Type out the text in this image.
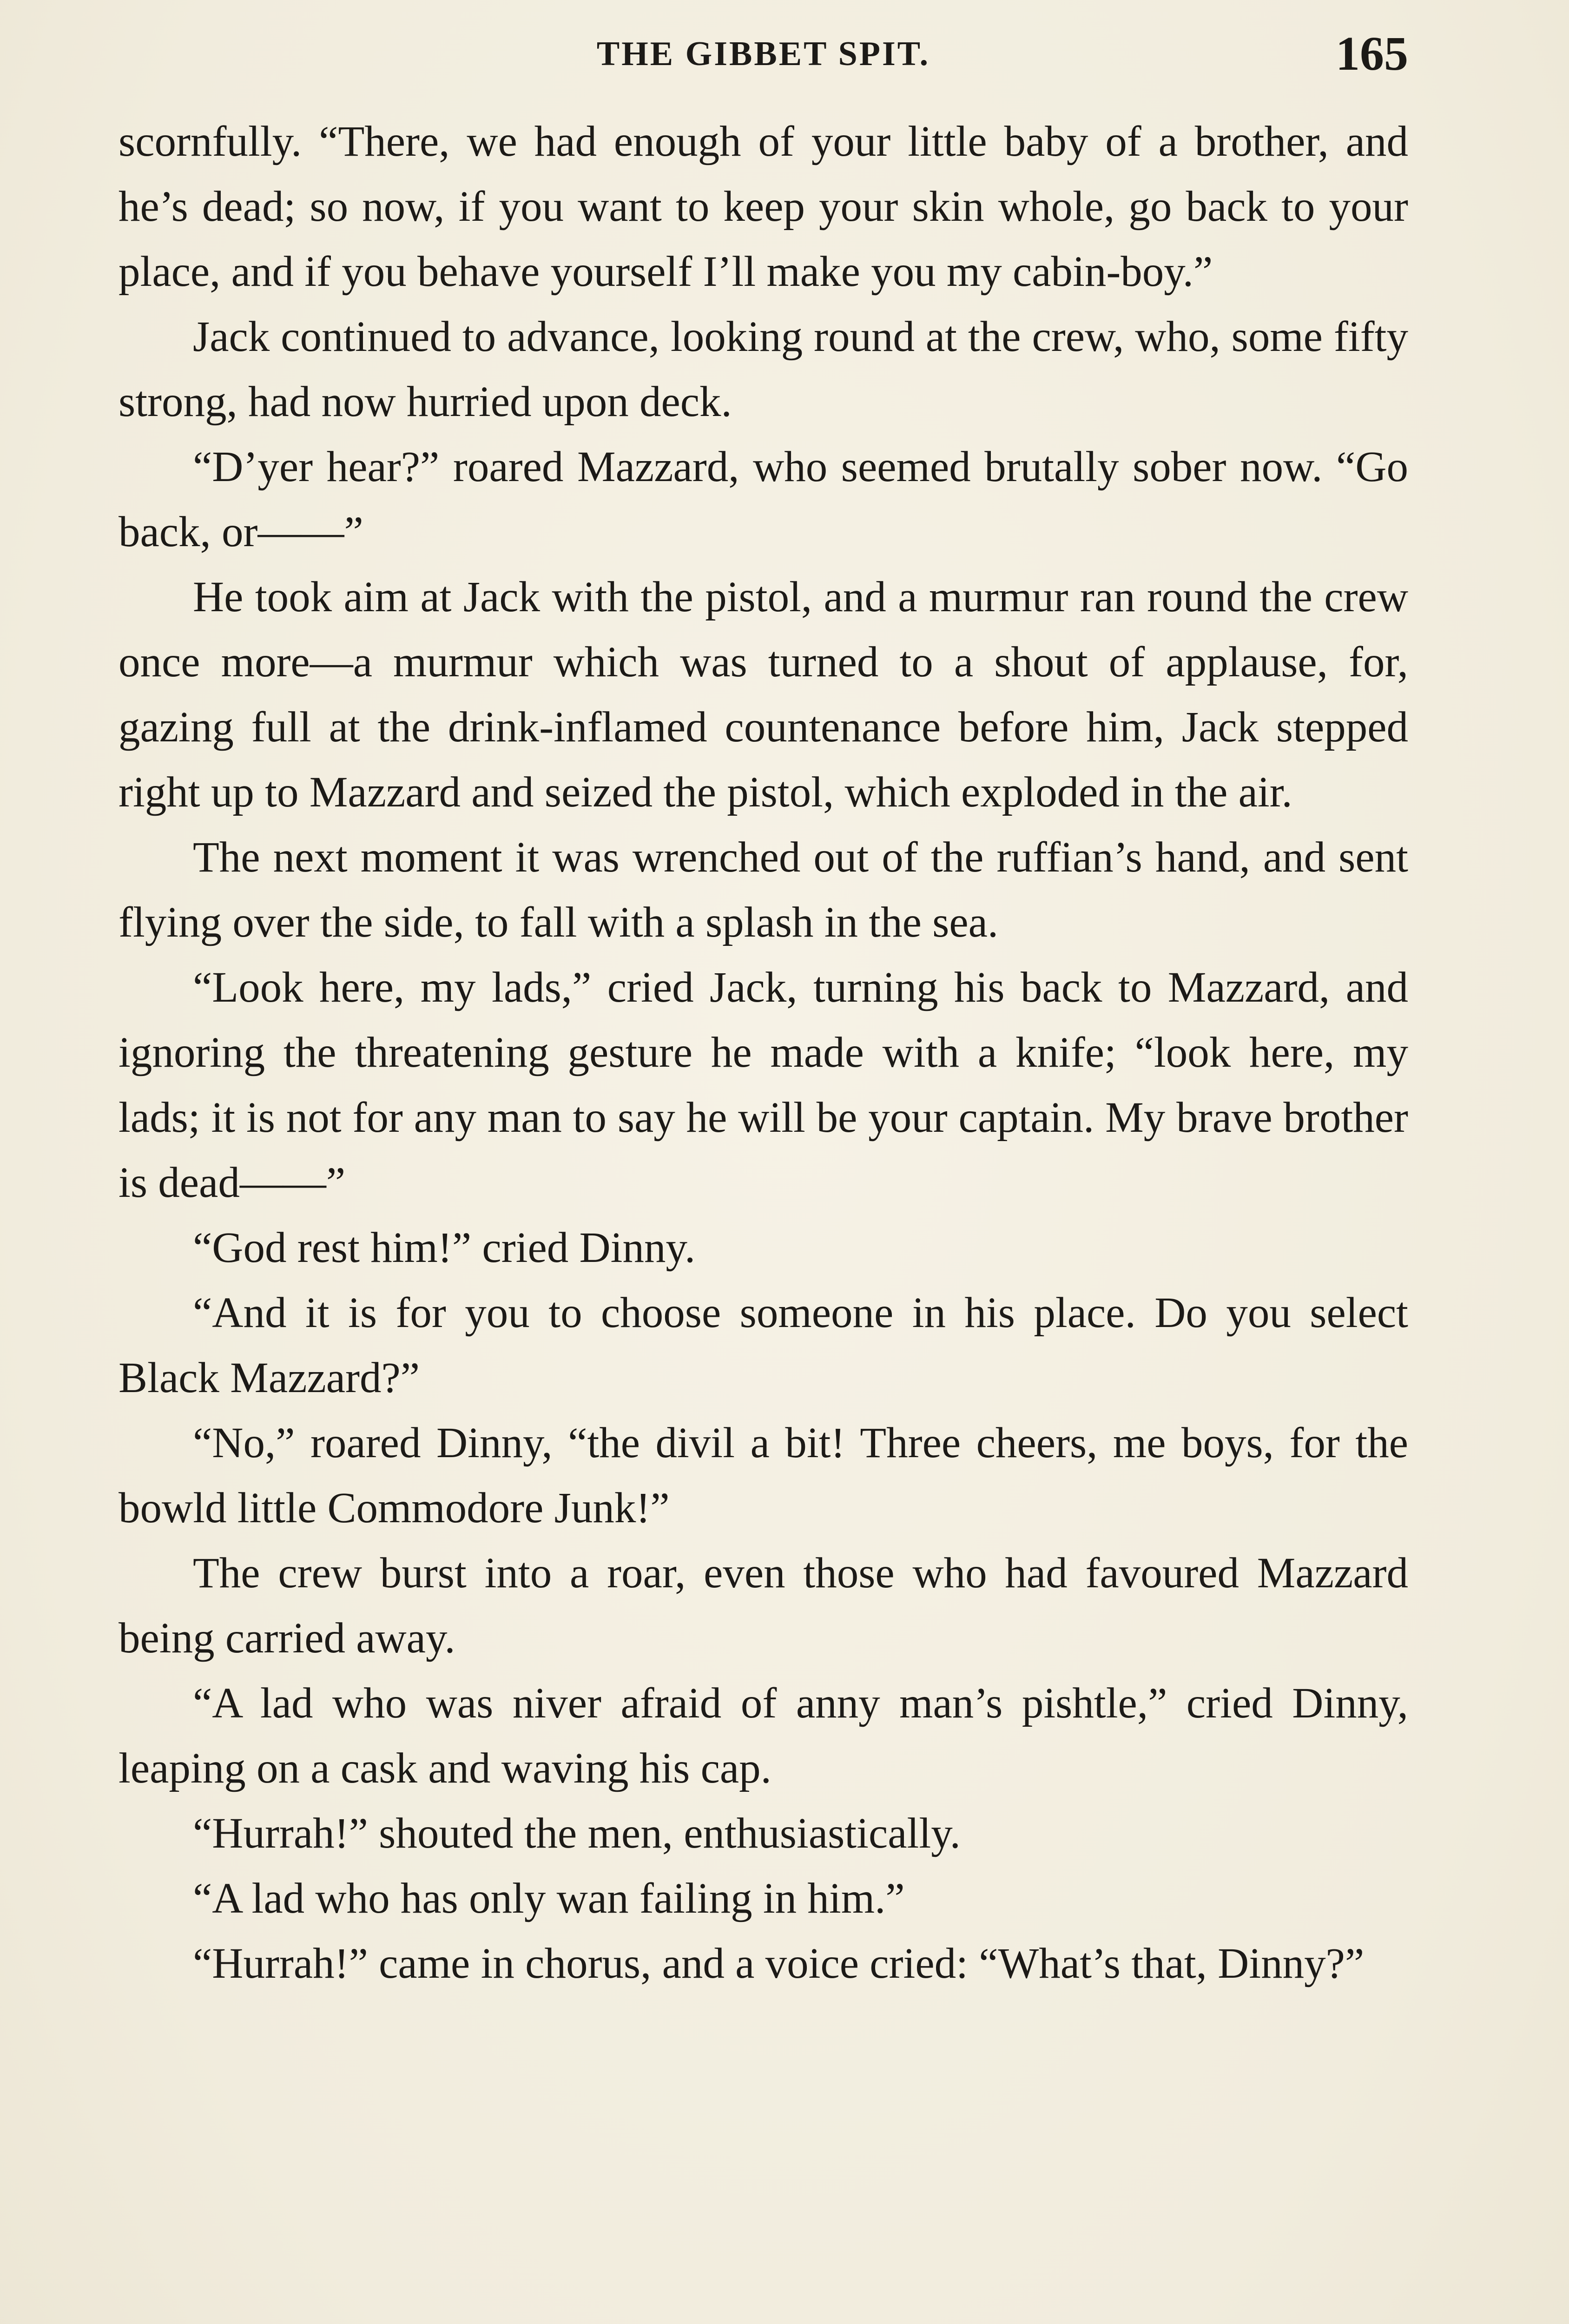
THE GIBBET SPIT.	165

scornfully. “There, we had enough of your little baby of a brother, and he’s dead; so now, if you want to keep your skin whole, go back to your place, and if you behave yourself I’ll make you my cabin-boy.”

Jack continued to advance, looking round at the crew, who, some fifty strong, had now hurried upon deck.

“D’yer hear?” roared Mazzard, who seemed brutally sober now. “Go back, or——”

He took aim at Jack with the pistol, and a murmur ran round the crew once more—a murmur which was turned to a shout of applause, for, gazing full at the drink-inflamed countenance before him, Jack stepped right up to Mazzard and seized the pistol, which exploded in the air.

The next moment it was wrenched out of the ruffian’s hand, and sent flying over the side, to fall with a splash in the sea.

“Look here, my lads,” cried Jack, turning his back to Mazzard, and ignoring the threatening gesture he made with a knife; “look here, my lads; it is not for any man to say he will be your captain. My brave brother is dead——”

“God rest him!” cried Dinny.

“And it is for you to choose someone in his place. Do you select Black Mazzard?”

“No,” roared Dinny, “the divil a bit! Three cheers, me boys, for the bowld little Commodore Junk!”

The crew burst into a roar, even those who had favoured Mazzard being carried away.

“A lad who was niver afraid of anny man’s pishtle,” cried Dinny, leaping on a cask and waving his cap.

“Hurrah!” shouted the men, enthusiastically.

“A lad who has only wan failing in him.”

“Hurrah!” came in chorus, and a voice cried: “What’s that, Dinny?”
